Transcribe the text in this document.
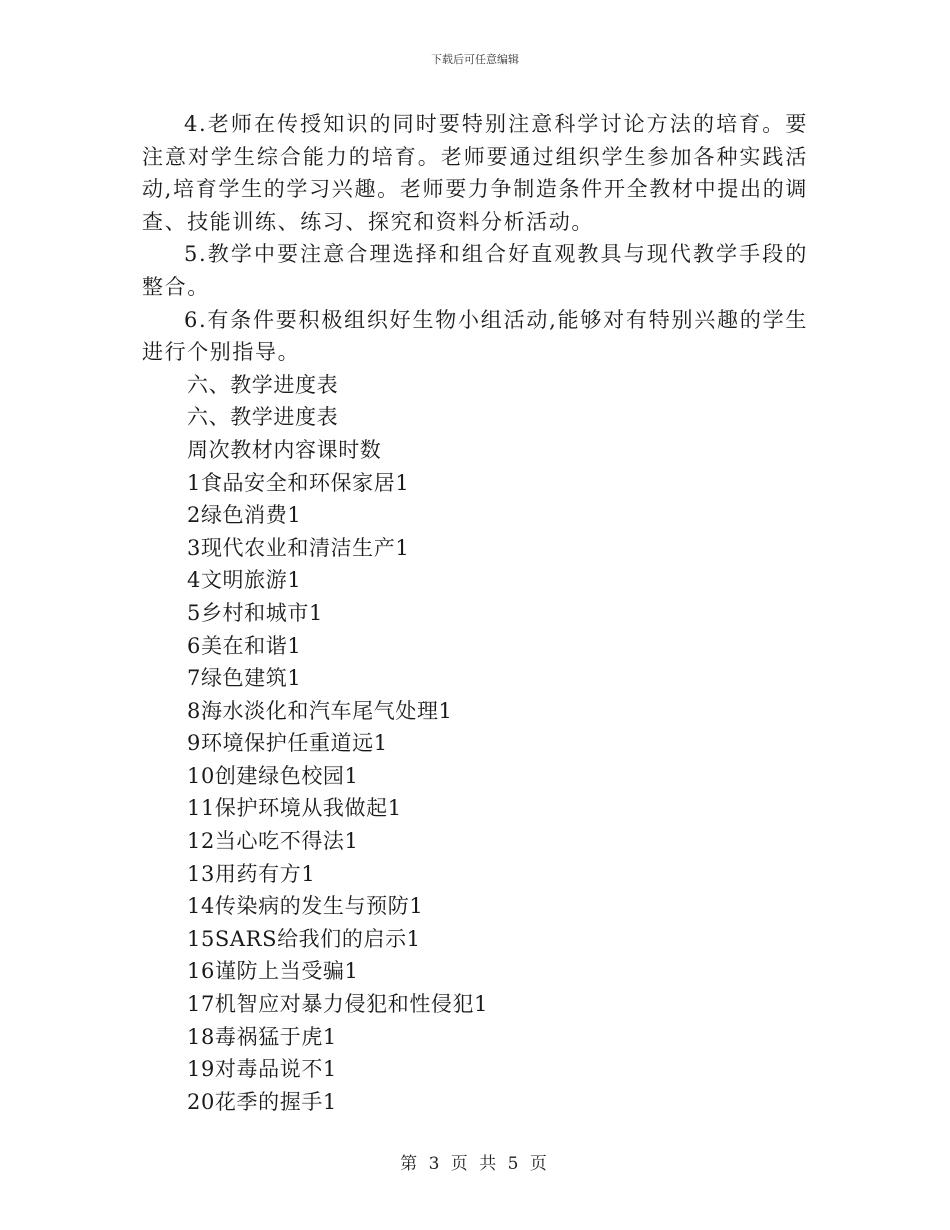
下载后可任意编辑

4.老师在传授知识的同时要特别注意科学讨论方法的培育。要注意对学生综合能力的培育。老师要通过组织学生参加各种实践活动,培育学生的学习兴趣。老师要力争制造条件开全教材中提出的调查、技能训练、练习、探究和资料分析活动。

5.教学中要注意合理选择和组合好直观教具与现代教学手段的整合。

6.有条件要积极组织好生物小组活动,能够对有特别兴趣的学生进行个别指导。

六、教学进度表

六、教学进度表

周次教材内容课时数

1食品安全和环保家居1
2绿色消费1
3现代农业和清洁生产1
4文明旅游1
5乡村和城市1
6美在和谐1
7绿色建筑1
8海水淡化和汽车尾气处理1
9环境保护任重道远1
10创建绿色校园1
11保护环境从我做起1
12当心吃不得法1
13用药有方1
14传染病的发生与预防1
15SARS给我们的启示1
16谨防上当受骗1
17机智应对暴力侵犯和性侵犯1
18毒祸猛于虎1
19对毒品说不1
20花季的握手1
第 3 页 共 5 页
